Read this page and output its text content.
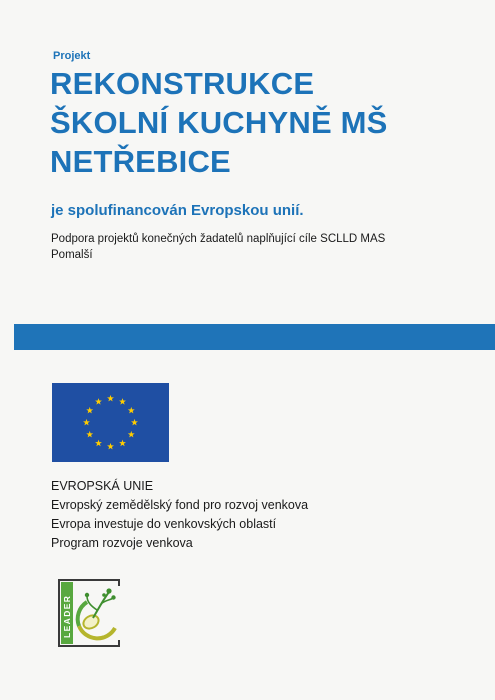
Projekt
REKONSTRUKCE
ŠKOLNÍ KUCHYNĚ MŠ
NETŘEBICE
je spolufinancován Evropskou unií.
Podpora projektů konečných žadatelů naplňující cíle SCLLD MAS
Pomalší
EVROPSKÁ UNIE
Evropský zemědělský fond pro rozvoj venkova
Evropa investuje do venkovských oblastí
Program rozvoje venkova
LEADER
